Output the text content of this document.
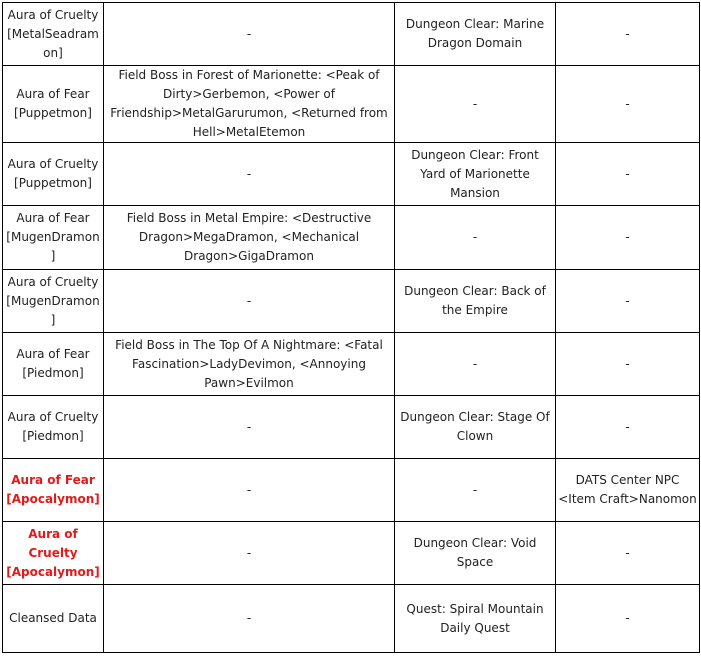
Aura of Cruelty [MetalSeadramon]	-	Dungeon Clear: Marine Dragon Domain	-
Aura of Fear [Puppetmon]	Field Boss in Forest of Marionette: <Peak of Dirty>Gerbemon, <Power of Friendship>MetalGarurumon, <Returned from Hell>MetalEtemon	-	-
Aura of Cruelty [Puppetmon]	-	Dungeon Clear: Front Yard of Marionette Mansion	-
Aura of Fear [MugenDramon]	Field Boss in Metal Empire: <Destructive Dragon>MegaDramon, <Mechanical Dragon>GigaDramon	-	-
Aura of Cruelty [MugenDramon]	-	Dungeon Clear: Back of the Empire	-
Aura of Fear [Piedmon]	Field Boss in The Top Of A Nightmare: <Fatal Fascination>LadyDevimon, <Annoying Pawn>Evilmon	-	-
Aura of Cruelty [Piedmon]	-	Dungeon Clear: Stage Of Clown	-
Aura of Fear [Apocalymon]	-	-	DATS Center NPC <Item Craft>Nanomon
Aura of Cruelty [Apocalymon]	-	Dungeon Clear: Void Space	-
Cleansed Data	-	Quest: Spiral Mountain Daily Quest	-
